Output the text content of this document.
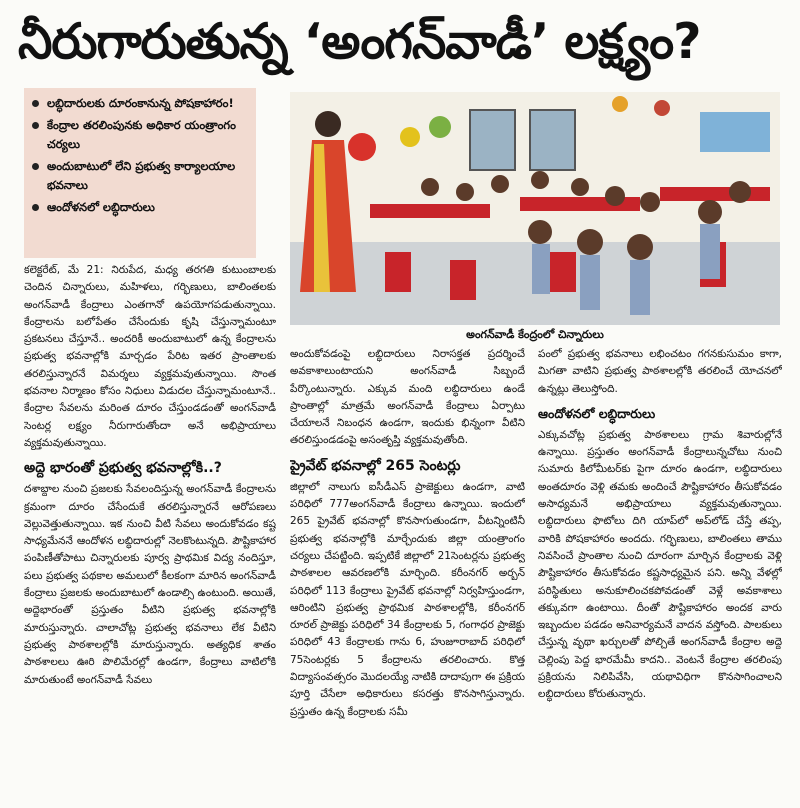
నీరుగారుతున్న ‘అంగన్‌వాడీ’ లక్ష్యం?
లబ్ధిదారులకు దూరంకానున్న పోషకాహారం!
కేంద్రాల తరలింపునకు అధికార యంత్రాంగం చర్యలు
అందుబాటులో లేని ప్రభుత్వ కార్యాలయాల భవనాలు
ఆందోళనలో లబ్ధిదారులు
అంగన్‌వాడీ కేంద్రంలో చిన్నారులు

కలెక్టరేట్, మే 21: నిరుపేద, మధ్య తరగతి కుటుంబాలకు చెందిన చిన్నారులు, మహిళలు, గర్భిణులు, బాలింతలకు అంగన్‌వాడీ కేంద్రాలు ఎంతగానో ఉపయోగపడుతున్నాయి. కేంద్రాలను బలోపేతం చేసేందుకు కృషి చేస్తున్నామంటూ ప్రకటనలు చేస్తూనే.. అందరికీ అందుబాటులో ఉన్న కేంద్రాలను ప్రభుత్వ భవనాల్లోకి మార్చడం పేరిట ఇతర ప్రాంతాలకు తరలిస్తున్నారనే విమర్శలు వ్యక్తమవుతున్నాయి. సొంత భవనాల నిర్మాణం కోసం నిధులు విడుదల చేస్తున్నామంటూనే.. కేంద్రాల సేవలను మరింత దూరం చేస్తుండడంతో అంగన్‌వాడీ సెంటర్ల లక్ష్యం నీరుగారుతోందా అనే అభిప్రాయాలు వ్యక్తమవుతున్నాయి.

అద్దె భారంతో ప్రభుత్వ భవనాల్లోకి..?

దశాబ్దాల నుంచి ప్రజలకు సేవలందిస్తున్న అంగన్‌వాడీ కేంద్రాలను క్రమంగా దూరం చేసేందుకే తరలిస్తున్నారనే ఆరోపణలు వెల్లువెత్తుతున్నాయి. ఇక నుంచి వీటి సేవలు అందుకోవడం కష్ట సాధ్యమేననే ఆందోళన లబ్ధిదారుల్లో నెలకొంటున్నది. పౌష్టికాహార పంపిణీతోపాటు చిన్నారులకు పూర్వ ప్రాథమిక విద్య నందిస్తూ, పలు ప్రభుత్వ పథకాల అమలులో కీలకంగా మారిన అంగన్‌వాడీ కేంద్రాలు ప్రజలకు అందుబాటులో ఉండాల్సి ఉంటుంది. అయితే, అద్దెభారంతో ప్రస్తుతం వీటిని ప్రభుత్వ భవనాల్లోకి మారుస్తున్నారు. చాలాచోట్ల ప్రభుత్వ భవనాలు లేక వీటిని ప్రభుత్వ పాఠశాలల్లోకి మారుస్తున్నారు. అత్యధిక శాతం పాఠశాలలు ఊరి పొలిమేరల్లో ఉండగా, కేంద్రాలు వాటిలోకి మారుతుంటే అంగన్‌వాడీ సేవలు

అందుకోవడంపై లబ్ధిదారులు నిరాసక్తత ప్రదర్శించే అవకాశాలుంటాయని అంగన్‌వాడీ సిబ్బందే పేర్కొంటున్నారు. ఎక్కువ మంది లబ్ధిదారులు ఉండే ప్రాంతాల్లో మాత్రమే అంగన్‌వాడీ కేంద్రాలు ఏర్పాటు చేయాలనే నిబంధన ఉండగా, ఇందుకు భిన్నంగా వీటిని తరలిస్తుండడంపై అసంతృప్తి వ్యక్తమవుతోంది.

ప్రైవేట్ భవనాల్లో 265 సెంటర్లు

జిల్లాలో నాలుగు ఐసీడీఎస్ ప్రాజెక్టులు ఉండగా, వాటి పరిధిలో 777అంగన్‌వాడీ కేంద్రాలు ఉన్నాయి. ఇందులో 265 ప్రైవేట్ భవనాల్లో కొనసాగుతుండగా, వీటన్నింటినీ ప్రభుత్వ భవనాల్లోకి మార్చేందుకు జిల్లా యంత్రాంగం చర్యలు చేపట్టింది. ఇప్పటికే జిల్లాలో 21సెంటర్లను ప్రభుత్వ పాఠశాలల ఆవరణలోకి మార్చింది. కరీంనగర్ అర్బన్ పరిధిలో 113 కేంద్రాలు ప్రైవేట్ భవనాల్లో నిర్వహిస్తుండగా, ఆరింటిని ప్రభుత్వ ప్రాథమిక పాఠశాలల్లోకి, కరీంనగర్ రూరల్ ప్రాజెక్టు పరిధిలో 34 కేంద్రాలకు 5, గంగాధర ప్రాజెక్టు పరిధిలో 43 కేంద్రాలకు గాను 6, హుజూరాబాద్ పరిధిలో 75సెంటర్లకు 5 కేంద్రాలను తరలించారు. కొత్త విద్యాసంవత్సరం మొదలయ్యే నాటికి దాదాపుగా ఈ ప్రక్రియ పూర్తి చేసేలా అధికారులు కసరత్తు కొనసాగిస్తున్నారు. ప్రస్తుతం ఉన్న కేంద్రాలకు సమీ

పంలో ప్రభుత్వ భవనాలు లభించటం గగనకుసుమం కాగా, మిగతా వాటిని ప్రభుత్వ పాఠశాలల్లోకి తరలించే యోచనలో ఉన్నట్లు తెలుస్తోంది.

ఆందోళనలో లబ్ధిదారులు

ఎక్కువచోట్ల ప్రభుత్వ పాఠశాలలు గ్రామ శివారుల్లోనే ఉన్నాయి. ప్రస్తుతం అంగన్‌వాడీ కేంద్రాలున్నచోటు నుంచి సుమారు కిలోమీటర్‌కు పైగా దూరం ఉండగా, లబ్ధిదారులు అంతదూరం వెళ్లి తమకు అందించే పౌష్టికాహారం తీసుకోవడం అసాధ్యమనే అభిప్రాయాలు వ్యక్తమవుతున్నాయి. లబ్ధిదారులు ఫొటోలు దిగి యాప్‌లో అప్‌లోడ్ చేస్తే తప్ప, వారికి పోషకాహారం అందదు. గర్భిణులు, బాలింతలు తాము నివసించే ప్రాంతాల నుంచి దూరంగా మార్చిన కేంద్రాలకు వెళ్లి పౌష్టికాహారం తీసుకోవడం కష్టసాధ్యమైన పని. అన్ని వేళల్లో పరిస్థితులు అనుకూలించకపోవడంతో వెళ్లే అవకాశాలు తక్కువగా ఉంటాయి. దీంతో పౌష్టికాహారం అందక వారు ఇబ్బందుల పడడం అనివార్యమనే వాదన వస్తోంది. పాలకులు చేస్తున్న వృథా ఖర్చులతో పోల్చితే అంగన్‌వాడీ కేంద్రాల అద్దె చెల్లింపు పెద్ద భారమేమీ కాదని.. వెంటనే కేంద్రాల తరలింపు ప్రక్రియను నిలిపివేసి, యథావిధిగా కొనసాగించాలని లబ్ధిదారులు కోరుతున్నారు.
